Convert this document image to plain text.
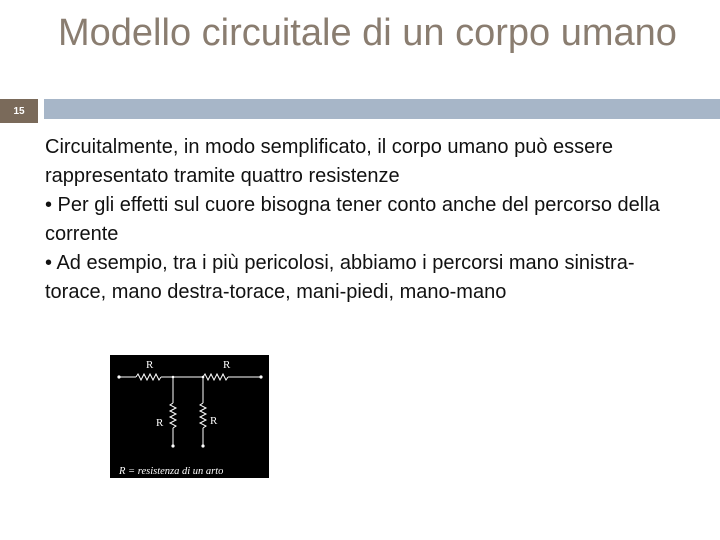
15
Modello circuitale di un corpo umano

Circuitalmente, in modo semplificato, il corpo umano può essere rappresentato tramite quattro resistenze

• Per gli effetti sul cuore bisogna tener conto anche del percorso della corrente

• Ad esempio, tra i più pericolosi, abbiamo i percorsi mano sinistra-torace, mano destra-torace, mani-piedi, mano-mano

R	R
R	R
R = resistenza di un arto
